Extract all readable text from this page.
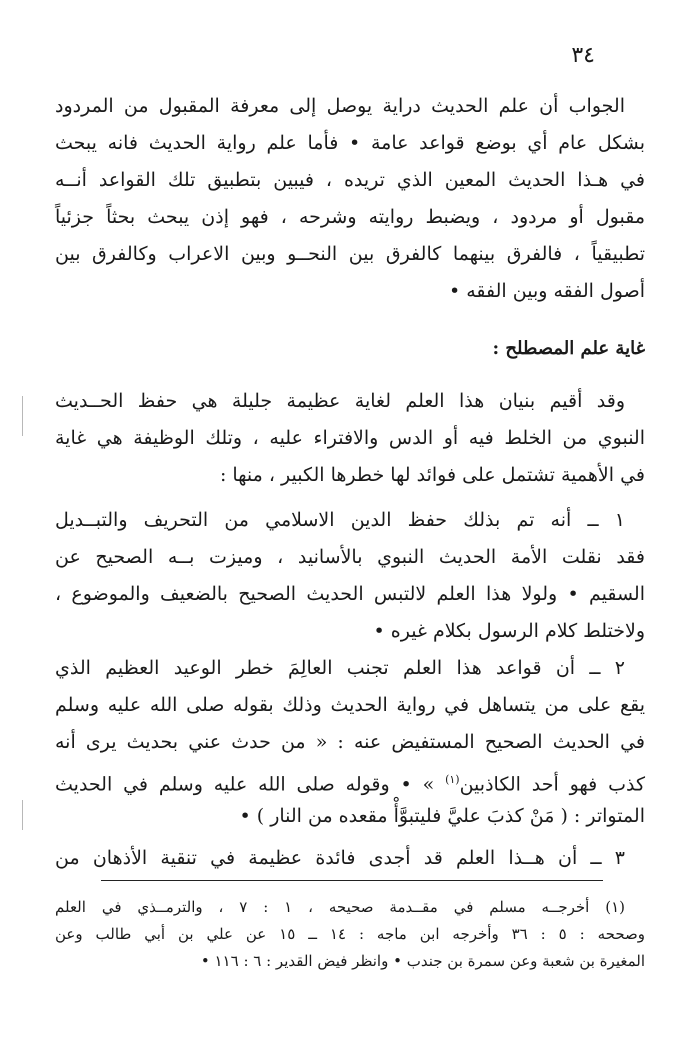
٣٤
الجواب أن علم الحديث دراية يوصل إلى معرفة المقبول من المردود
بشكل عام أي بوضع قواعد عامة • فأما علم رواية الحديث فانه يبحث
في هـذا الحديث المعين الذي تريده ، فيبين بتطبيق تلك القواعد أنــه
مقبول أو مردود ، ويضبط روايته وشرحه ، فهو إذن يبحث بحثاً جزئياً
تطبيقياً ، فالفرق بينهما كالفرق بين النحــو وبين الاعراب وكالفرق بين
أصول الفقه وبين الفقه •
غاية علم المصطلح :
وقد أقيم بنيان هذا العلم لغاية عظيمة جليلة هي حفظ الحــديث
النبوي من الخلط فيه أو الدس والافتراء عليه ، وتلك الوظيفة هي غاية
في الأهمية تشتمل على فوائد لها خطرها الكبير ، منها :
١ ــ أنه تم بذلك حفظ الدين الاسلامي من التحريف والتبــديل
فقد نقلت الأمة الحديث النبوي بالأسانيد ، وميزت بــه الصحيح عن
السقيم • ولولا هذا العلم لالتبس الحديث الصحيح بالضعيف والموضوع ،
ولاختلط كلام الرسول بكلام غيره •
٢ ــ أن قواعد هذا العلم تجنب العالِمَ خطر الوعيد العظيم الذي
يقع على من يتساهل في رواية الحديث وذلك بقوله صلى الله عليه وسلم
في الحديث الصحيح المستفيض عنه : « من حدث عني بحديث يرى أنه
كذب فهو أحد الكاذبين$^{(١)}$ » • وقوله صلى الله عليه وسلم في الحديث
المتواتر : ( مَنْ كذبَ عليَّ فليتبوَّأْ مقعده من النار ) •
٣ ــ أن هــذا العلم قد أجدى فائدة عظيمة في تنقية الأذهان من
(١) أخرجــه مسلم في مقــدمة صحيحه ، ١ : ٧ ، والترمــذي في العلم
وصححه : ٥ : ٣٦ وأخرجه ابن ماجه : ١٤ ــ ١٥ عن علي بن أبي طالب وعن
المغيرة بن شعبة وعن سمرة بن جندب • وانظر فيض القدير : ٦ : ١١٦ •
